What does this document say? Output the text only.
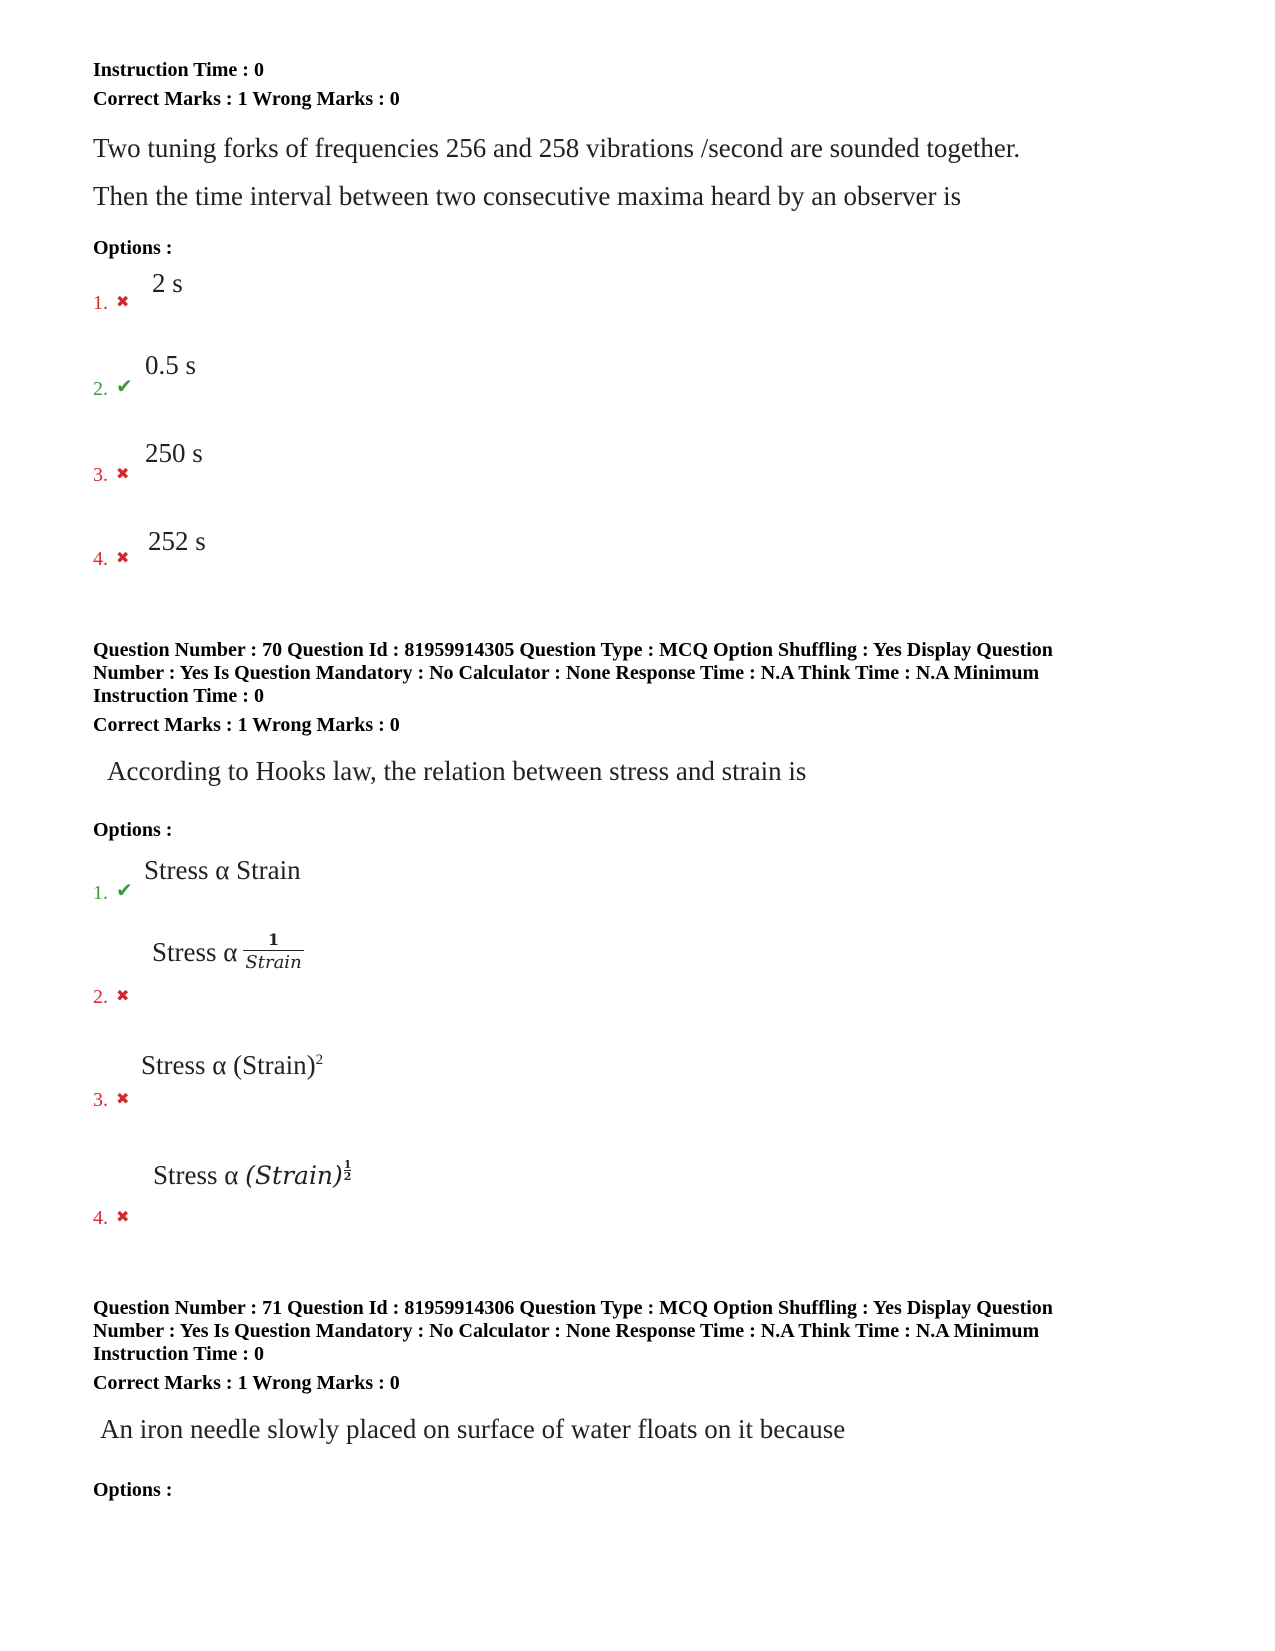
Instruction Time : 0
Correct Marks : 1 Wrong Marks : 0
Two tuning forks of frequencies 256 and 258 vibrations /second are sounded together.
Then the time interval between two consecutive maxima heard by an observer is
Options :
1. ✖
2 s
2. ✔
0.5 s
3. ✖
250 s
4. ✖
252 s
Question Number : 70 Question Id : 81959914305 Question Type : MCQ Option Shuffling : Yes Display Question
Number : Yes Is Question Mandatory : No Calculator : None Response Time : N.A Think Time : N.A Minimum
Instruction Time : 0
Correct Marks : 1 Wrong Marks : 0
According to Hooks law, the relation between stress and strain is
Options :
1. ✔
Stress α Strain
2. ✖
Stress α $\frac{1}{\text{Strain}}$
3. ✖
Stress α (Strain)$^2$
4. ✖
Stress α (Strain) $\frac{1}{2}$
Question Number : 71 Question Id : 81959914306 Question Type : MCQ Option Shuffling : Yes Display Question
Number : Yes Is Question Mandatory : No Calculator : None Response Time : N.A Think Time : N.A Minimum
Instruction Time : 0
Correct Marks : 1 Wrong Marks : 0
An iron needle slowly placed on surface of water floats on it because
Options :
